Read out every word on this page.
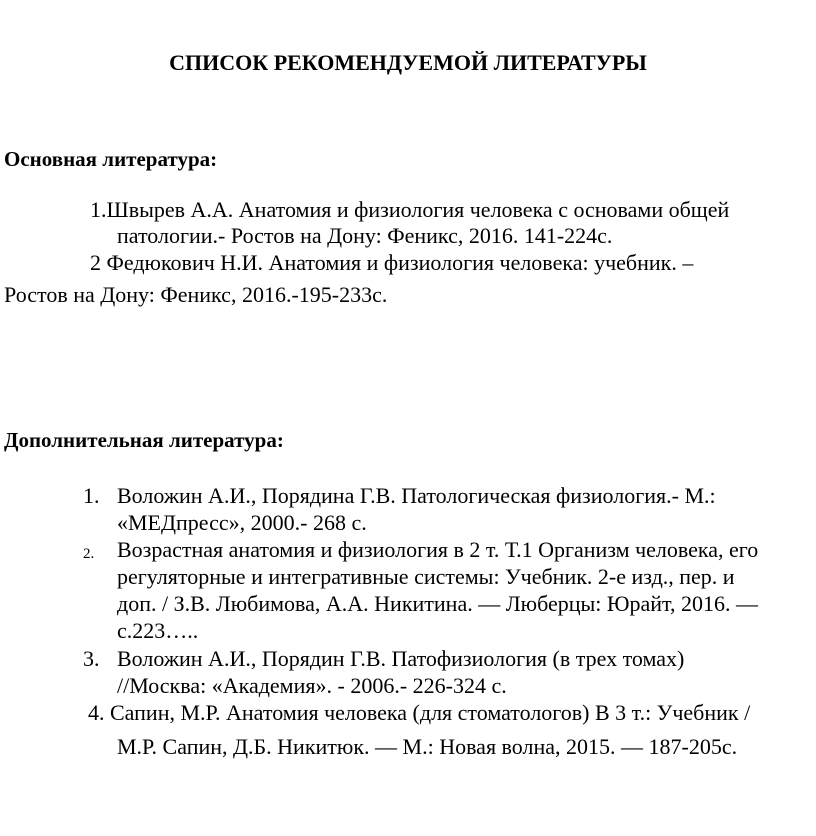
СПИСОК РЕКОМЕНДУЕМОЙ ЛИТЕРАТУРЫ
Основная литература:
1.Швырев А.А. Анатомия и физиология человека с основами общей
патологии.- Ростов на Дону: Феникс, 2016. 141-224с.
2 Федюкович Н.И. Анатомия и физиология человека: учебник. –
Ростов на Дону: Феникс, 2016.-195-233с.
Дополнительная литература:
1. Воложин А.И., Порядина Г.В. Патологическая физиология.- М.:
«МЕДпресс», 2000.- 268 с.
2. Возрастная анатомия и физиология в 2 т. Т.1 Организм человека, его
регуляторные и интегративные системы: Учебник. 2-е изд., пер. и
доп. / З.В. Любимова, А.А. Никитина. — Люберцы: Юрайт, 2016. —
с.223…..
3. Воложин А.И., Порядин Г.В. Патофизиология (в трех томах)
//Москва: «Академия». - 2006.- 226-324 с.
4. Сапин, М.Р. Анатомия человека (для стоматологов) В 3 т.: Учебник /
М.Р. Сапин, Д.Б. Никитюк. — М.: Новая волна, 2015. — 187-205с.
